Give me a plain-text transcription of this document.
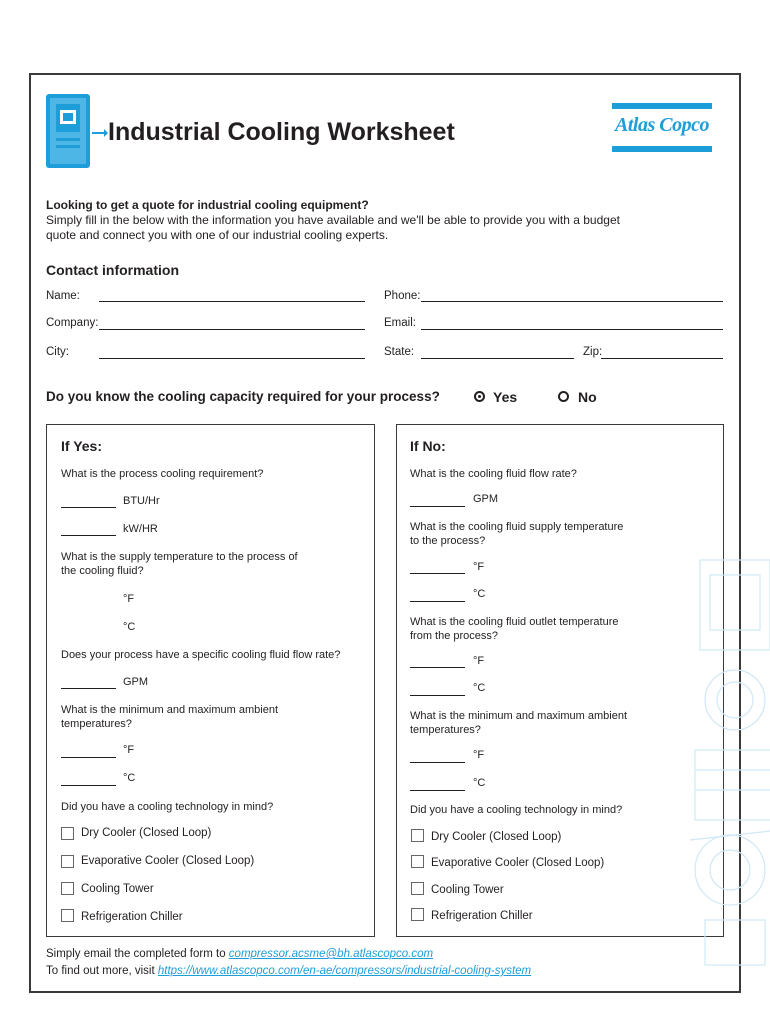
Industrial Cooling Worksheet	Atlas Copco
Looking to get a quote for industrial cooling equipment?
Simply fill in the below with the information you have available and we'll be able to provide you with a budget
quote and connect you with one of our industrial cooling experts.
Contact information
Name:	Phone:
Company:	Email:
City:	State:	Zip:
Do you know the cooling capacity required for your process?	Yes	No
If Yes:
What is the process cooling requirement?
BTU/Hr
kW/HR
What is the supply temperature to the process of
the cooling fluid?
°F
°C
Does your process have a specific cooling fluid flow rate?
GPM
What is the minimum and maximum ambient
temperatures?
°F
°C
Did you have a cooling technology in mind?
Dry Cooler (Closed Loop)
Evaporative Cooler (Closed Loop)
Cooling Tower
Refrigeration Chiller
If No:
What is the cooling fluid flow rate?
GPM
What is the cooling fluid supply temperature
to the process?
°F
°C
What is the cooling fluid outlet temperature
from the process?
°F
°C
What is the minimum and maximum ambient
temperatures?
°F
°C
Did you have a cooling technology in mind?
Dry Cooler (Closed Loop)
Evaporative Cooler (Closed Loop)
Cooling Tower
Refrigeration Chiller
Simply email the completed form to compressor.acsme@bh.atlascopco.com
To find out more, visit https://www.atlascopco.com/en-ae/compressors/industrial-cooling-system
